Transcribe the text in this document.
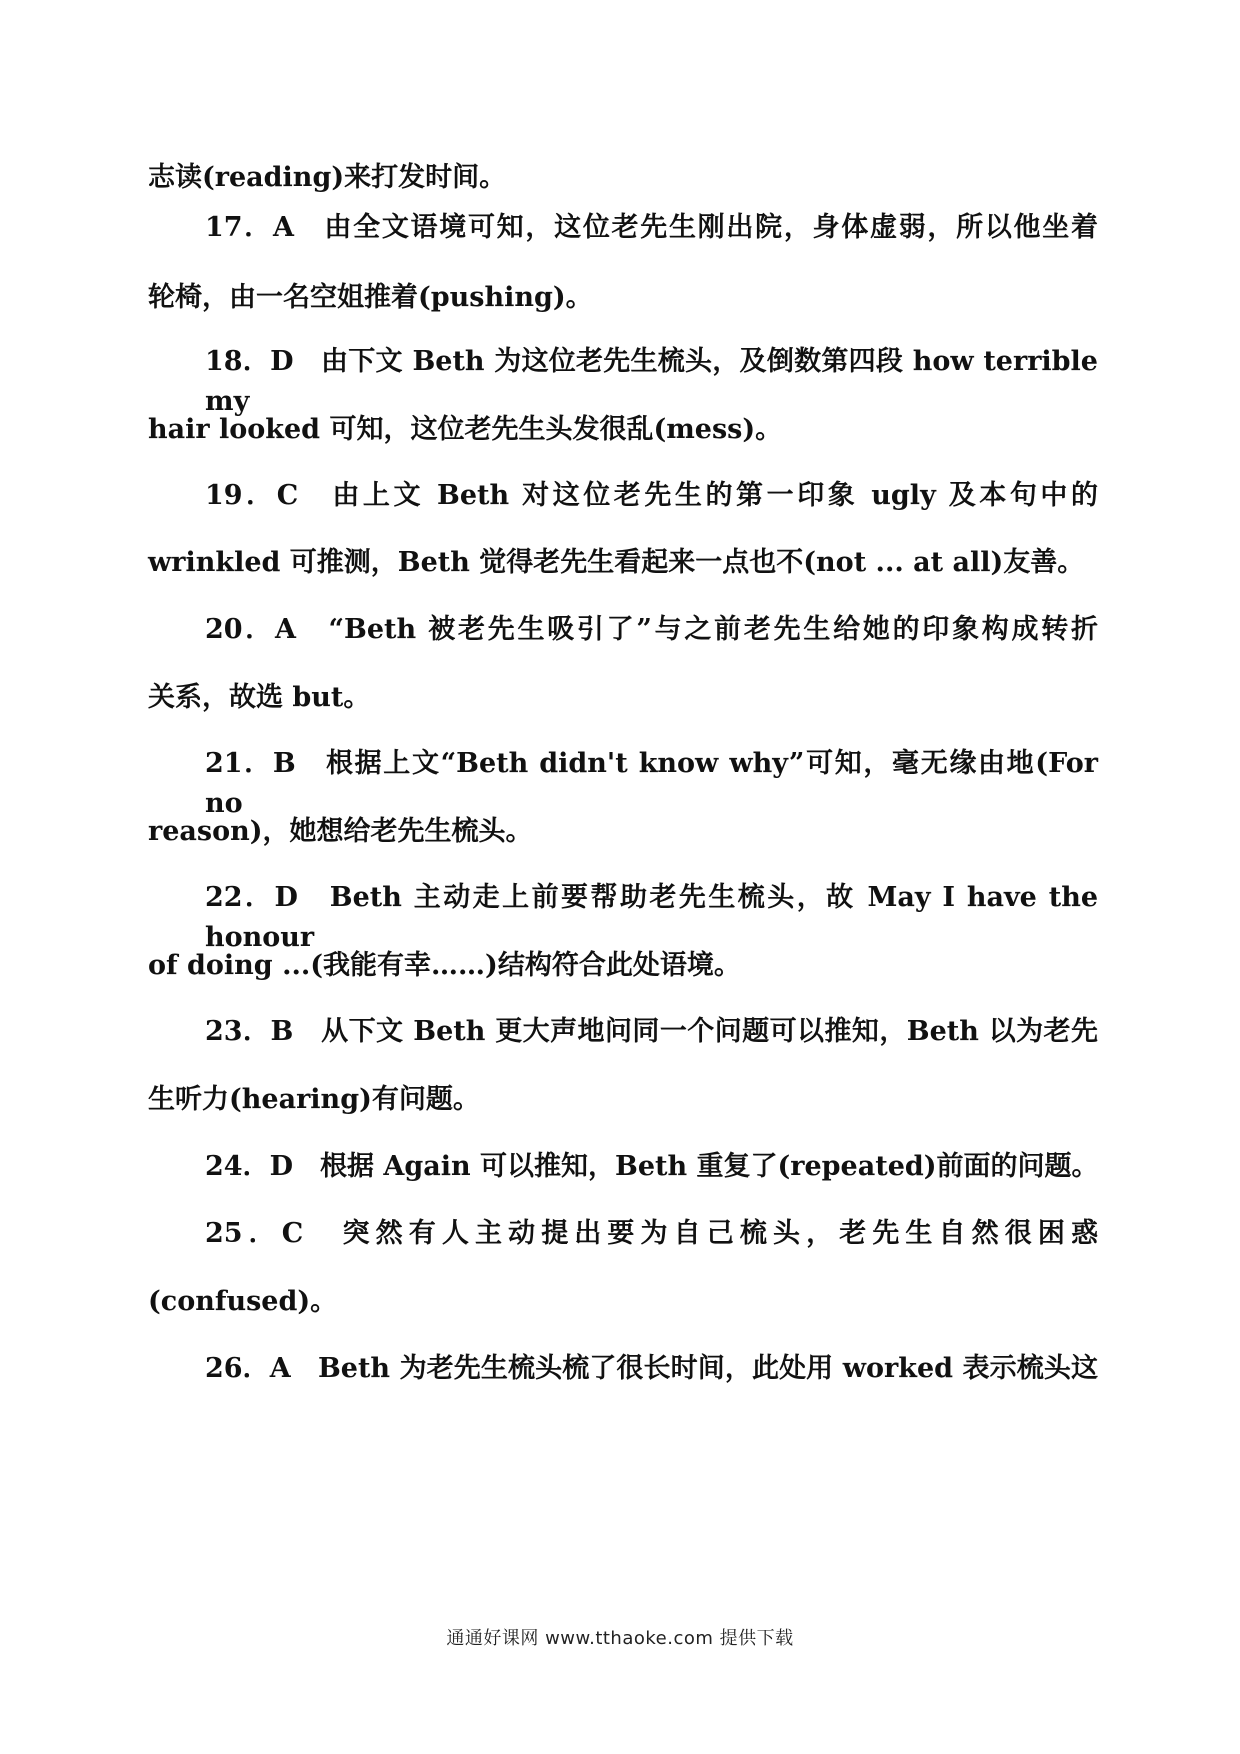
志读(reading)来打发时间。
17．A　由全文语境可知，这位老先生刚出院，身体虚弱，所以他坐着
轮椅，由一名空姐推着(pushing)。
18．D　由下文 Beth 为这位老先生梳头，及倒数第四段 how terrible my
hair looked 可知，这位老先生头发很乱(mess)。
19．C　由上文 Beth 对这位老先生的第一印象 ugly 及本句中的
wrinkled 可推测，Beth 觉得老先生看起来一点也不(not ... at all)友善。
20．A　“Beth 被老先生吸引了”与之前老先生给她的印象构成转折
关系，故选 but。
21．B　根据上文“Beth didn't know why”可知，毫无缘由地(For no
reason)，她想给老先生梳头。
22．D　Beth 主动走上前要帮助老先生梳头，故 May I have the honour
of doing ...(我能有幸……)结构符合此处语境。
23．B　从下文 Beth 更大声地问同一个问题可以推知，Beth 以为老先
生听力(hearing)有问题。
24．D　根据 Again 可以推知，Beth 重复了(repeated)前面的问题。
25．C　突然有人主动提出要为自己梳头，老先生自然很困惑
(confused)。
26．A　Beth 为老先生梳头梳了很长时间，此处用 worked 表示梳头这
通通好课网 www.tthaoke.com 提供下载
